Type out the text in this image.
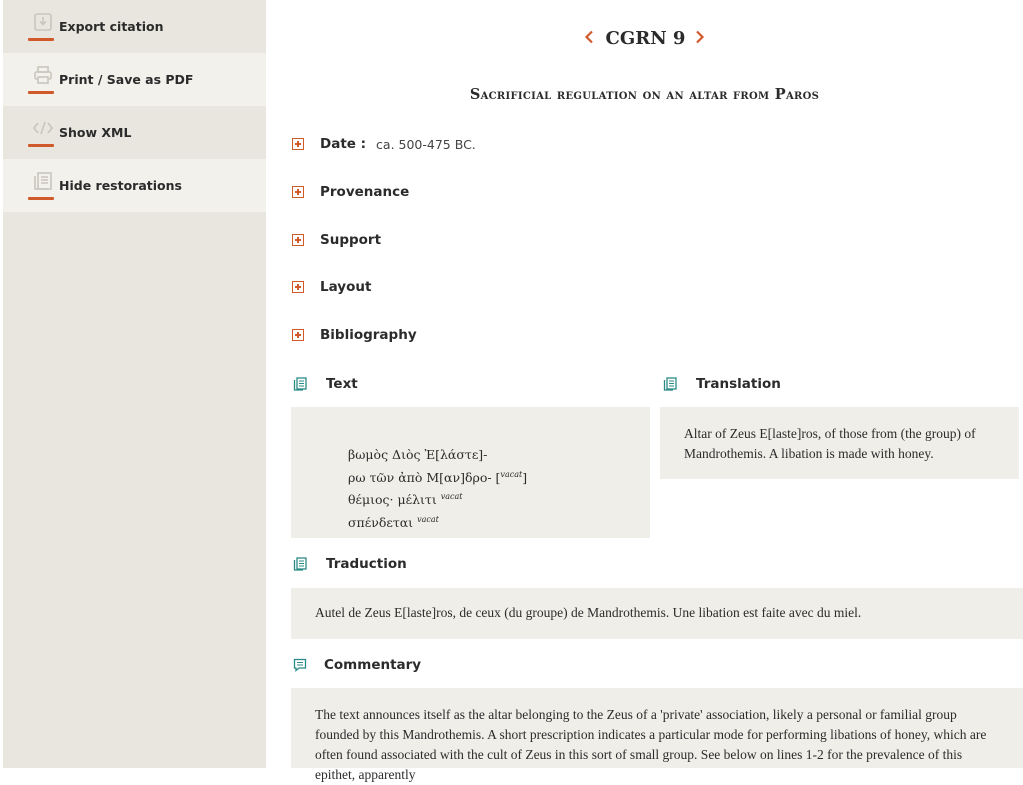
Export citation
Print / Save as PDF
Show XML
Hide restorations
CGRN 9
Sacrificial regulation on an altar from Paros
Date : ca. 500-475 BC.
Provenance
Support
Layout
Bibliography
Text
βωμὸς Διὸς Ἐ[λάστε]-
ρω τῶν ἀπὸ Μ[αν]δρο- [$^{vacat}$]
θέμιος· μέλιτι $^{vacat}$
σπένδεται $^{vacat}$
Translation
Altar of Zeus E[laste]ros, of those from (the group) of Mandrothemis. A libation is made with honey.
Traduction
Autel de Zeus E[laste]ros, de ceux (du groupe) de Mandrothemis. Une libation est faite avec du miel.
Commentary
The text announces itself as the altar belonging to the Zeus of a 'private' association, likely a personal or familial group founded by this Mandrothemis. A short prescription indicates a particular mode for performing libations of honey, which are often found associated with the cult of Zeus in this sort of small group. See below on lines 1-2 for the prevalence of this epithet, apparently
